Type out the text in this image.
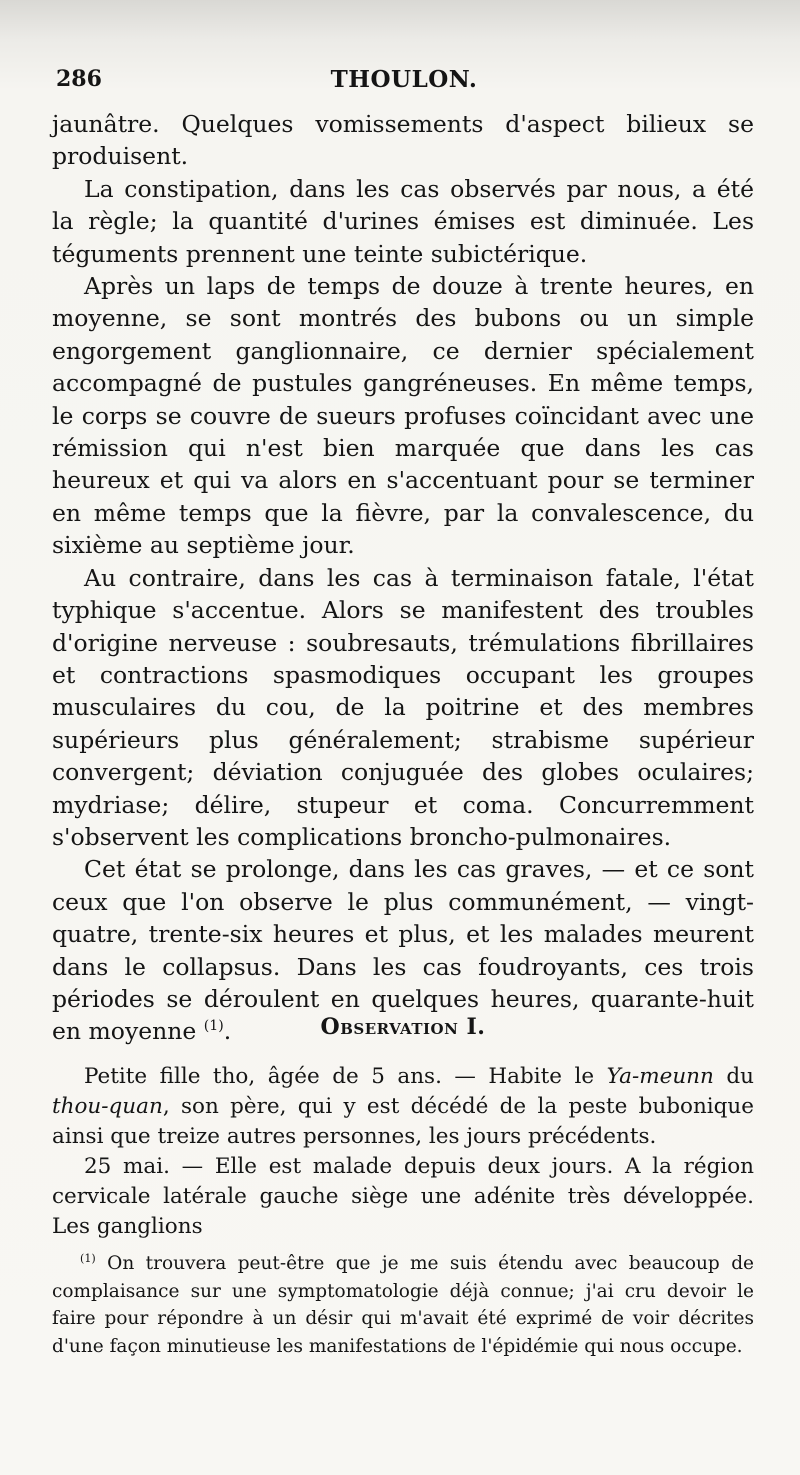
286	THOULON.

jaunâtre. Quelques vomissements d'aspect bilieux se produisent.

La constipation, dans les cas observés par nous, a été la règle; la quantité d'urines émises est diminuée. Les téguments prennent une teinte subictérique.

Après un laps de temps de douze à trente heures, en moyenne, se sont montrés des bubons ou un simple engorgement ganglionnaire, ce dernier spécialement accompagné de pustules gangréneuses. En même temps, le corps se couvre de sueurs profuses coïncidant avec une rémission qui n'est bien marquée que dans les cas heureux et qui va alors en s'accentuant pour se terminer en même temps que la fièvre, par la convalescence, du sixième au septième jour.

Au contraire, dans les cas à terminaison fatale, l'état typhique s'accentue. Alors se manifestent des troubles d'origine nerveuse : soubresauts, trémulations fibrillaires et contractions spasmodiques occupant les groupes musculaires du cou, de la poitrine et des membres supérieurs plus généralement; strabisme supérieur convergent; déviation conjuguée des globes oculaires; mydriase; délire, stupeur et coma. Concurremment s'observent les complications broncho-pulmonaires.

Cet état se prolonge, dans les cas graves, — et ce sont ceux que l'on observe le plus communément, — vingt-quatre, trente-six heures et plus, et les malades meurent dans le collapsus. Dans les cas foudroyants, ces trois périodes se déroulent en quelques heures, quarante-huit en moyenne $^{(1)}$.	Observation I.

Petite fille tho, âgée de 5 ans. — Habite le Ya-meunn du thou-quan, son père, qui y est décédé de la peste bubonique ainsi que treize autres personnes, les jours précédents.

25 mai. — Elle est malade depuis deux jours. A la région cervicale latérale gauche siège une adénite très développée. Les ganglions

$^{(1)}$ On trouvera peut-être que je me suis étendu avec beaucoup de complaisance sur une symptomatologie déjà connue; j'ai cru devoir le faire pour répondre à un désir qui m'avait été exprimé de voir décrites d'une façon minutieuse les manifestations de l'épidémie qui nous occupe.
